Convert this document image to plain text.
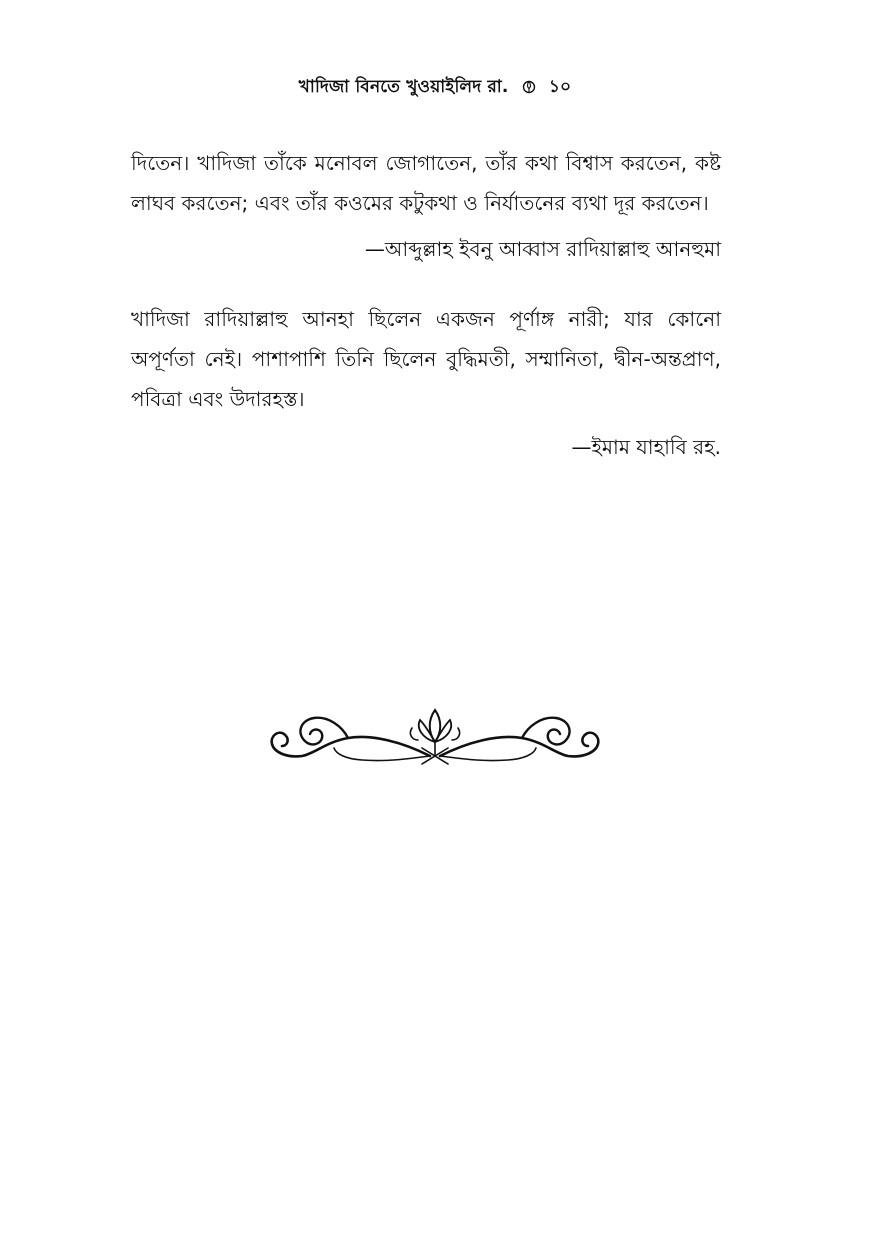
খাদিজা বিনতে খুওয়াইলিদ রা. ১০

দিতেন। খাদিজা তাঁকে মনোবল জোগাতেন, তাঁর কথা বিশ্বাস করতেন, কষ্ট লাঘব করতেন; এবং তাঁর কওমের কটুকথা ও নির্যাতনের ব্যথা দূর করতেন।

—আব্দুল্লাহ ইবনু আব্বাস রাদিয়াল্লাহু আনহুমা

খাদিজা রাদিয়াল্লাহু আনহা ছিলেন একজন পূর্ণাঙ্গ নারী; যার কোনো অপূর্ণতা নেই। পাশাপাশি তিনি ছিলেন বুদ্ধিমতী, সম্মানিতা, দ্বীন-অন্তপ্রাণ, পবিত্রা এবং উদারহস্ত।

—ইমাম যাহাবি রহ.
